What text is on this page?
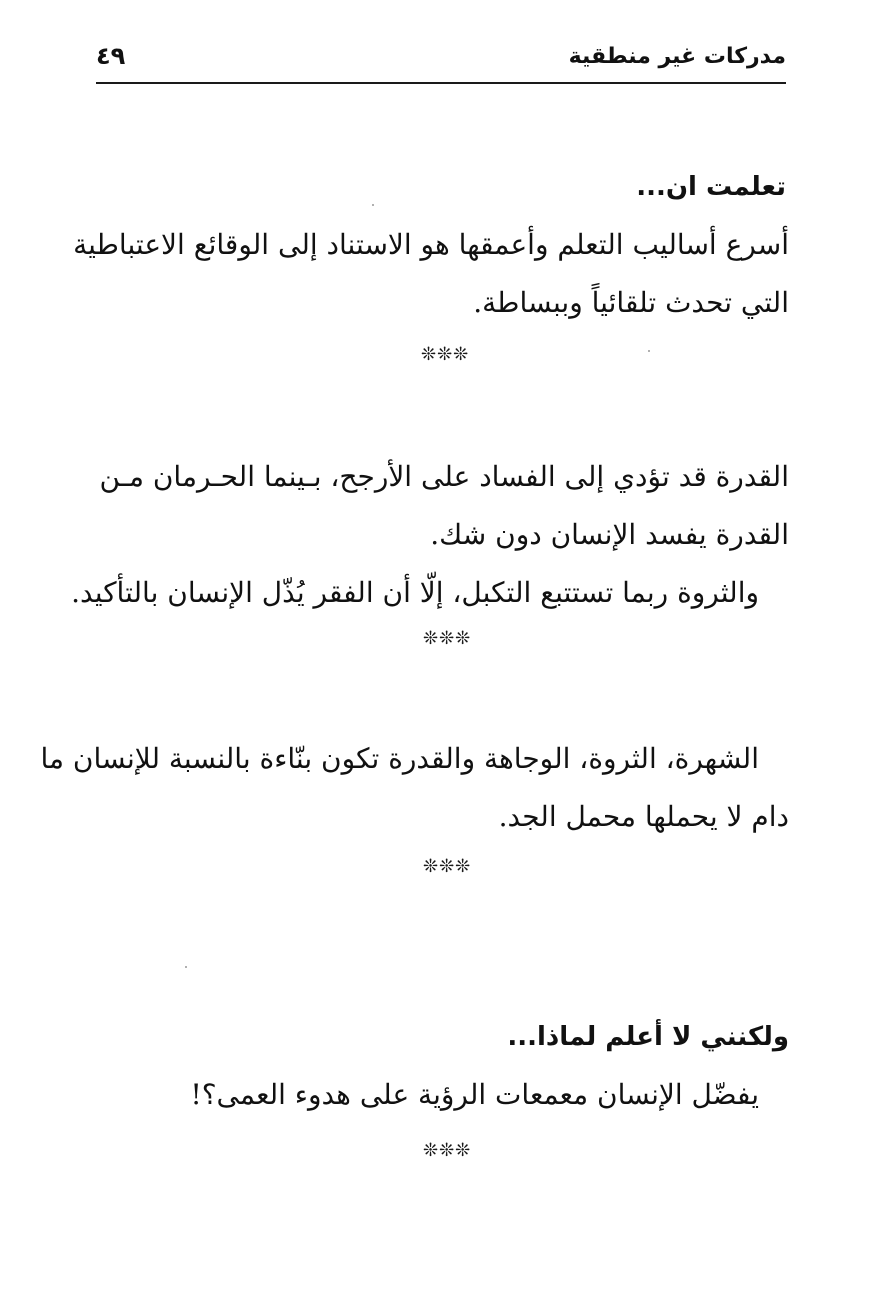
مدركات غير منطقية
٤٩
تعلمت ان...
أسرع أساليب التعلم وأعمقها هو الاستناد إلى الوقائع الاعتباطية
التي تحدث تلقائياً وببساطة.
❊❊❊
القدرة قد تؤدي إلى الفساد على الأرجح، بـينما الحـرمان مـن
القدرة يفسد الإنسان دون شك.
والثروة ربما تستتبع التكبل، إلّا أن الفقر يُذّل الإنسان بالتأكيد.
❊❊❊
الشهرة، الثروة، الوجاهة والقدرة تكون بنّاءة بالنسبة للإنسان ما
دام لا يحملها محمل الجد.
❊❊❊
ولكنني لا أعلم لماذا...
يفضّل الإنسان معمعات الرؤية على هدوء العمى؟!
❊❊❊
